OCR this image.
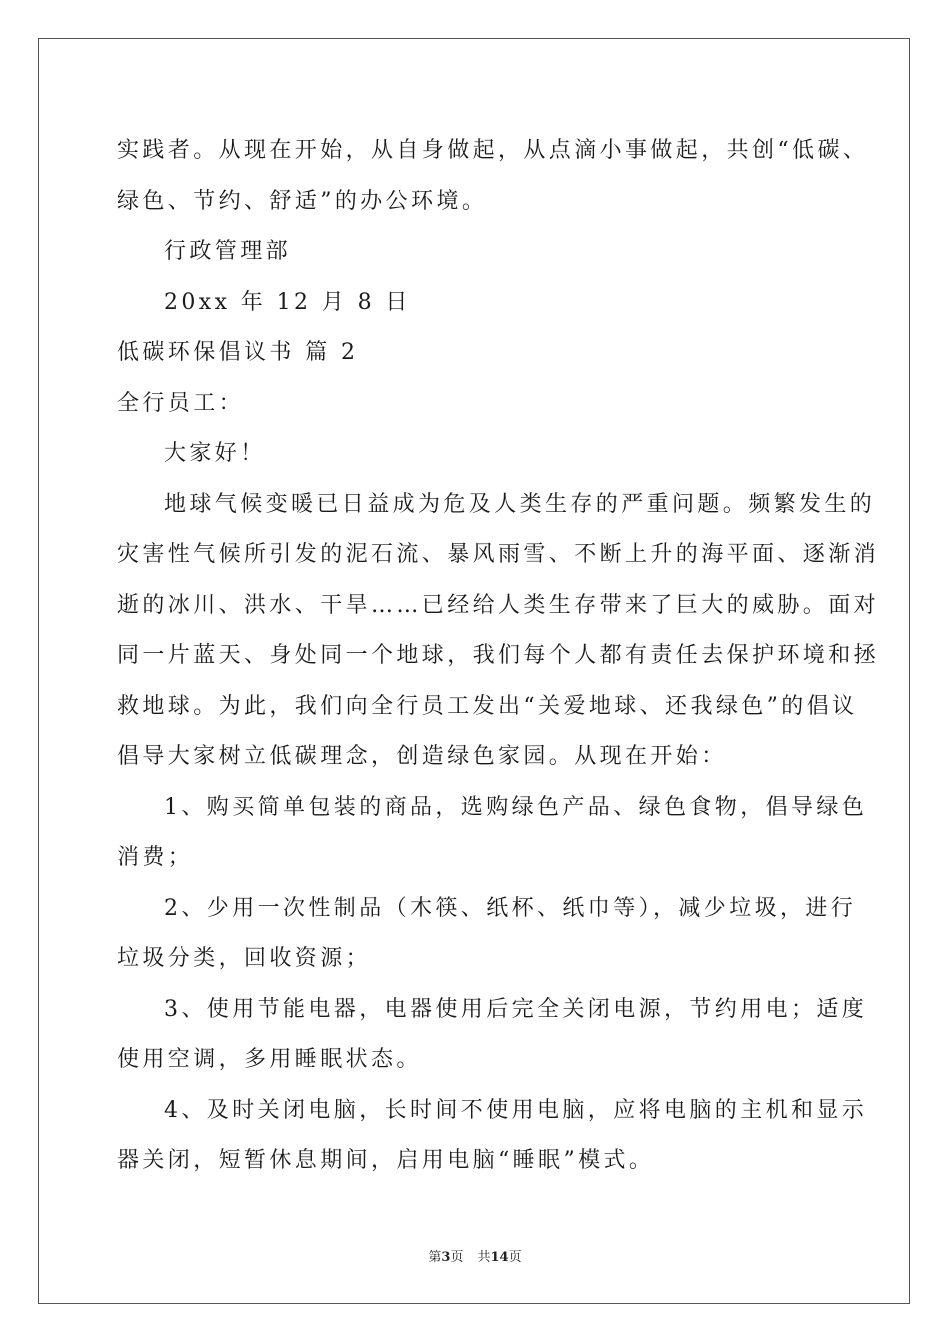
实践者。从现在开始，从自身做起，从点滴小事做起，共创“低碳、
绿色、节约、舒适”的办公环境。
行政管理部
20xx 年 12 月 8 日
低碳环保倡议书 篇 2
全行员工：
大家好！
地球气候变暖已日益成为危及人类生存的严重问题。频繁发生的
灾害性气候所引发的泥石流、暴风雨雪、不断上升的海平面、逐渐消
逝的冰川、洪水、干旱……已经给人类生存带来了巨大的威胁。面对
同一片蓝天、身处同一个地球，我们每个人都有责任去保护环境和拯
救地球。为此，我们向全行员工发出“关爱地球、还我绿色”的倡议
倡导大家树立低碳理念，创造绿色家园。从现在开始：
1、购买简单包装的商品，选购绿色产品、绿色食物，倡导绿色
消费；
2、少用一次性制品（木筷、纸杯、纸巾等），减少垃圾，进行
垃圾分类，回收资源；
3、使用节能电器，电器使用后完全关闭电源，节约用电；适度
使用空调，多用睡眠状态。
4、及时关闭电脑，长时间不使用电脑，应将电脑的主机和显示
器关闭，短暂休息期间，启用电脑“睡眠”模式。
第3页 共14页
